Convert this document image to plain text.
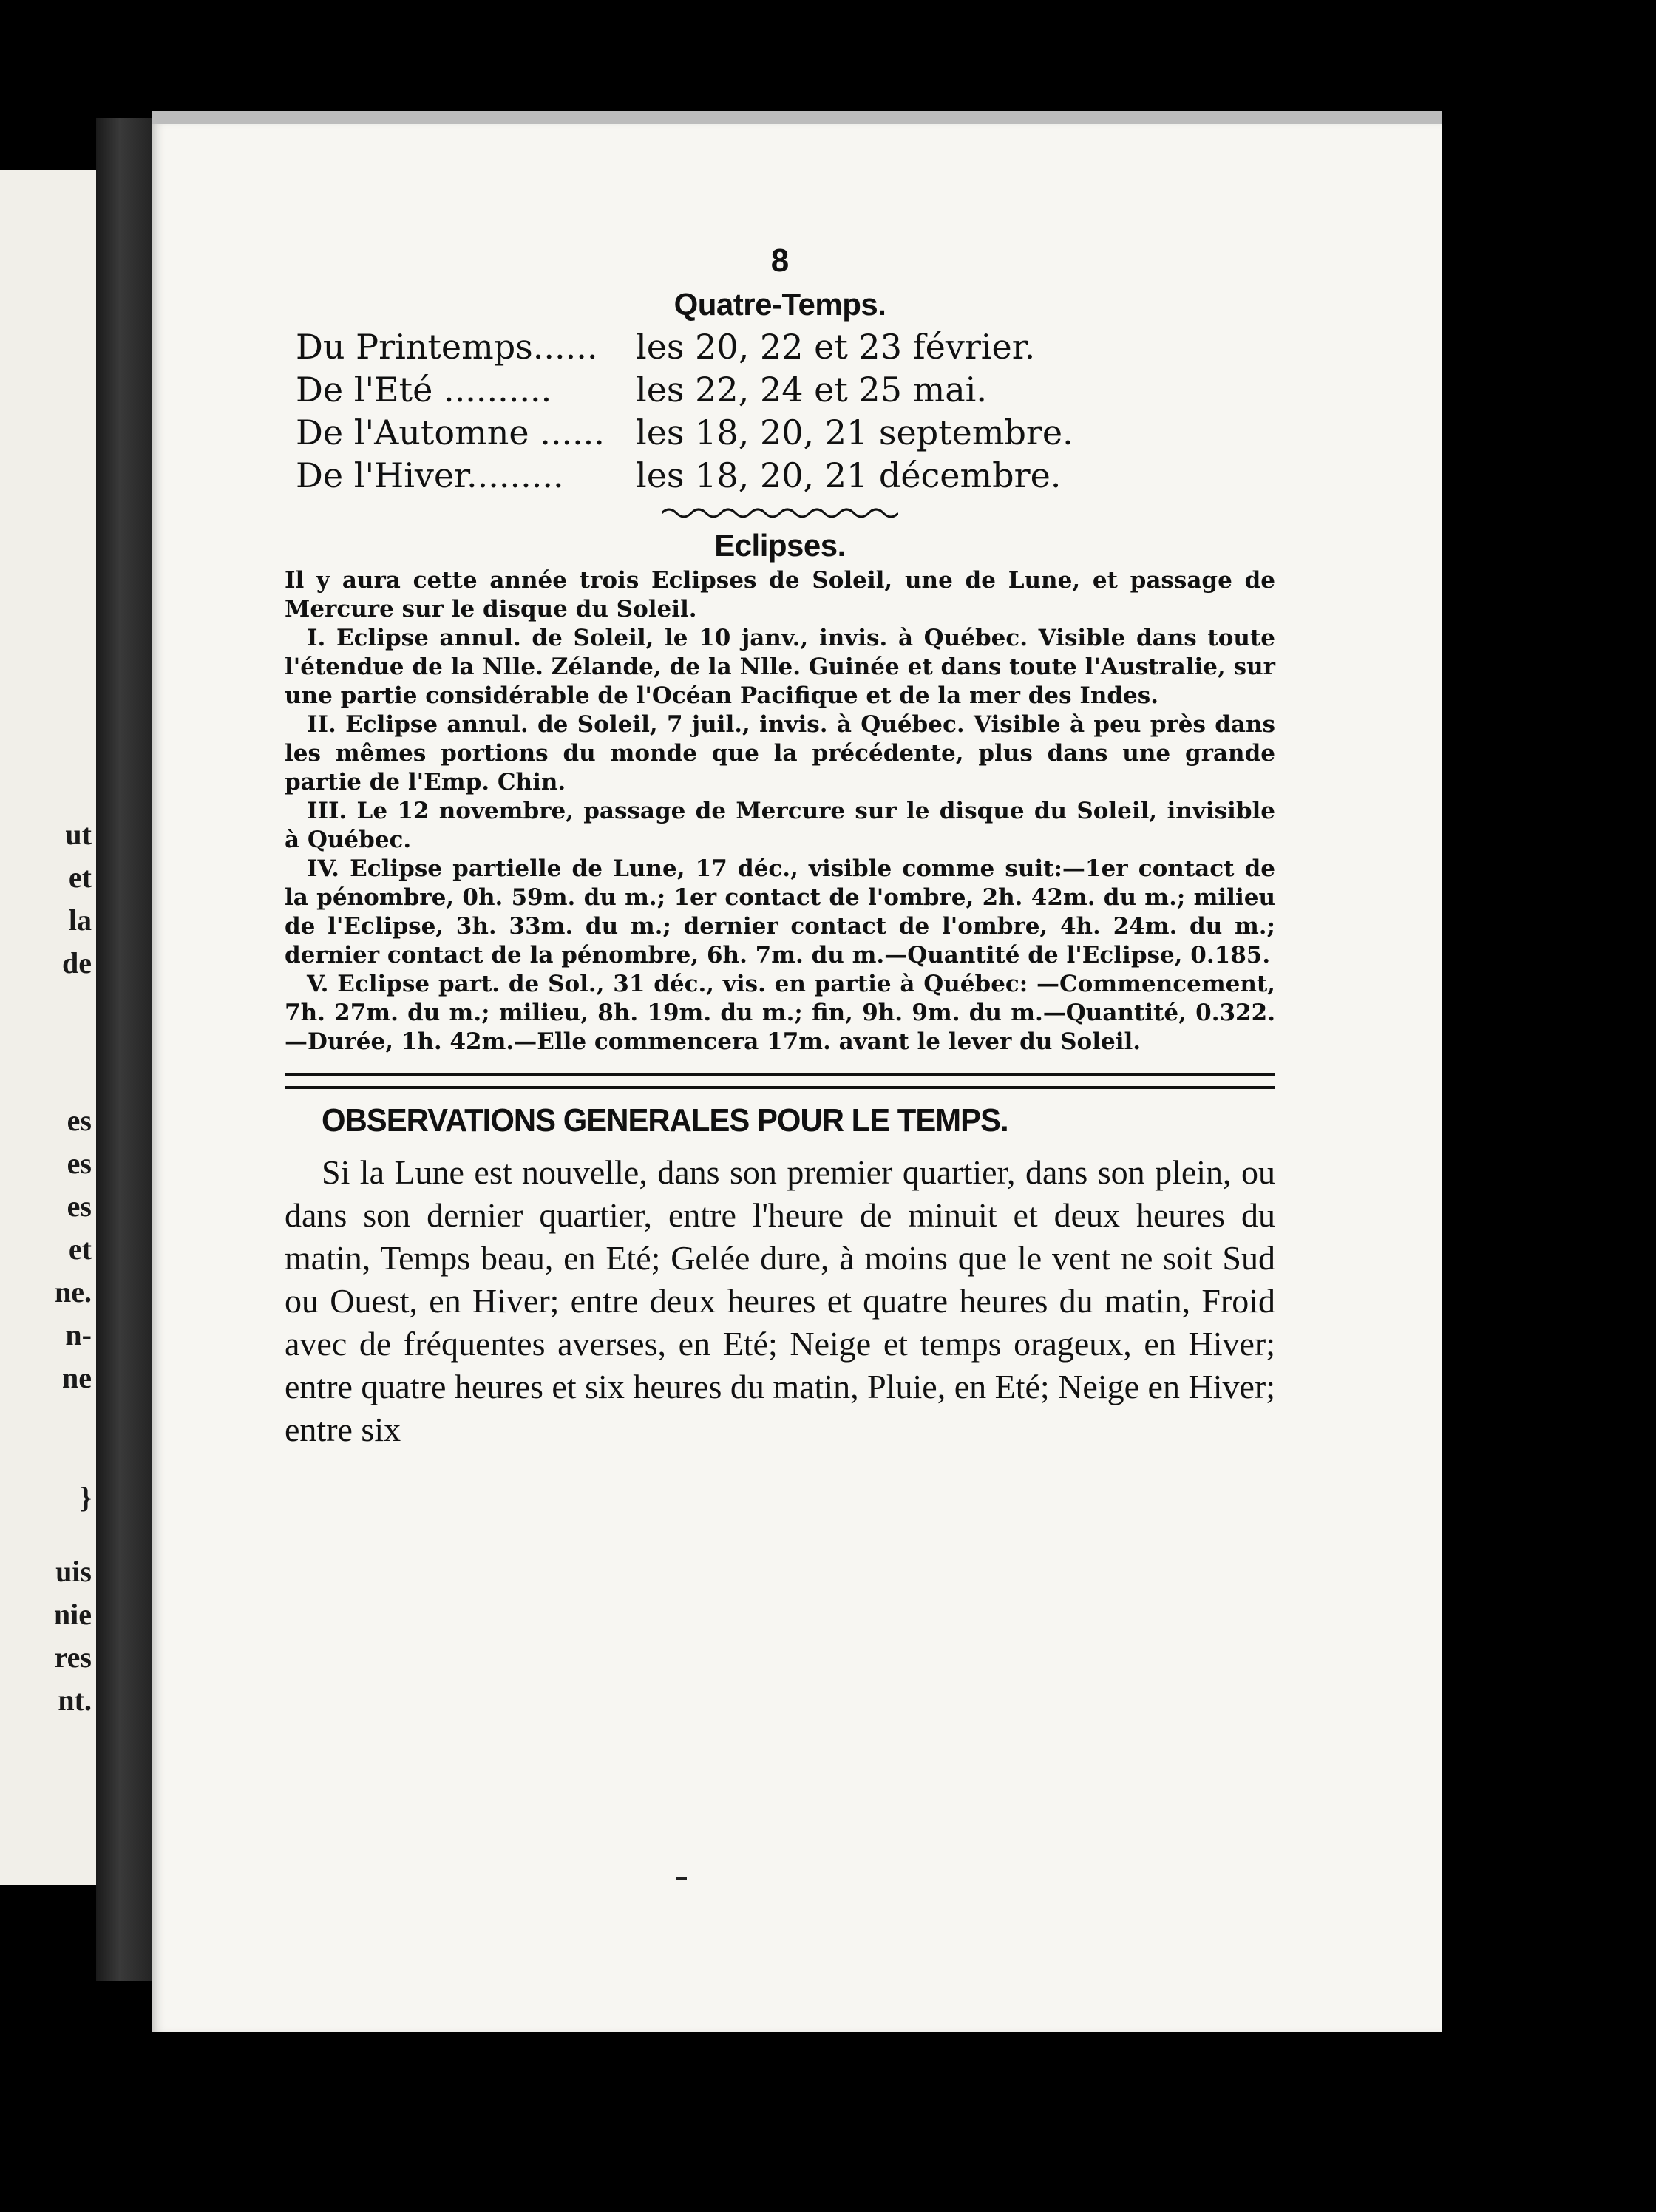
ut
et
la
de
es
es
es
et
ne.
n-
ne
}
uis
nie
res
nt.
8
Quatre-Temps.
Du Printemps......	les 20, 22 et 23 février.
De l'Eté ..........	les 22, 24 et 25 mai.
De l'Automne ...... les 18, 20, 21 septembre.
De l'Hiver.........	les 18, 20, 21 décembre.
Eclipses.

Il y aura cette année trois Eclipses de Soleil, une de Lune, et passage de Mercure sur le disque du Soleil.

I. Eclipse annul. de Soleil, le 10 janv., invis. à Québec. Visible dans toute l'étendue de la Nlle. Zélande, de la Nlle. Guinée et dans toute l'Australie, sur une partie considérable de l'Océan Pacifique et de la mer des Indes.

II. Eclipse annul. de Soleil, 7 juil., invis. à Québec. Visible à peu près dans les mêmes portions du monde que la précédente, plus dans une grande partie de l'Emp. Chin.

III. Le 12 novembre, passage de Mercure sur le disque du Soleil, invisible à Québec.

IV. Eclipse partielle de Lune, 17 déc., visible comme suit:—1er contact de la pénombre, 0h. 59m. du m.; 1er contact de l'ombre, 2h. 42m. du m.; milieu de l'Eclipse, 3h. 33m. du m.; dernier contact de l'ombre, 4h. 24m. du m.; dernier contact de la pénombre, 6h. 7m. du m.—Quantité de l'Eclipse, 0.185.

V. Eclipse part. de Sol., 31 déc., vis. en partie à Québec: —Commencement, 7h. 27m. du m.; milieu, 8h. 19m. du m.; fin, 9h. 9m. du m.—Quantité, 0.322.—Durée, 1h. 42m.—Elle commencera 17m. avant le lever du Soleil.

OBSERVATIONS GENERALES POUR LE TEMPS.

Si la Lune est nouvelle, dans son premier quartier, dans son plein, ou dans son dernier quartier, entre l'heure de minuit et deux heures du matin, Temps beau, en Eté; Gelée dure, à moins que le vent ne soit Sud ou Ouest, en Hiver; entre deux heures et quatre heures du matin, Froid avec de fréquentes averses, en Eté; Neige et temps orageux, en Hiver; entre quatre heures et six heures du matin, Pluie, en Eté; Neige en Hiver; entre six
